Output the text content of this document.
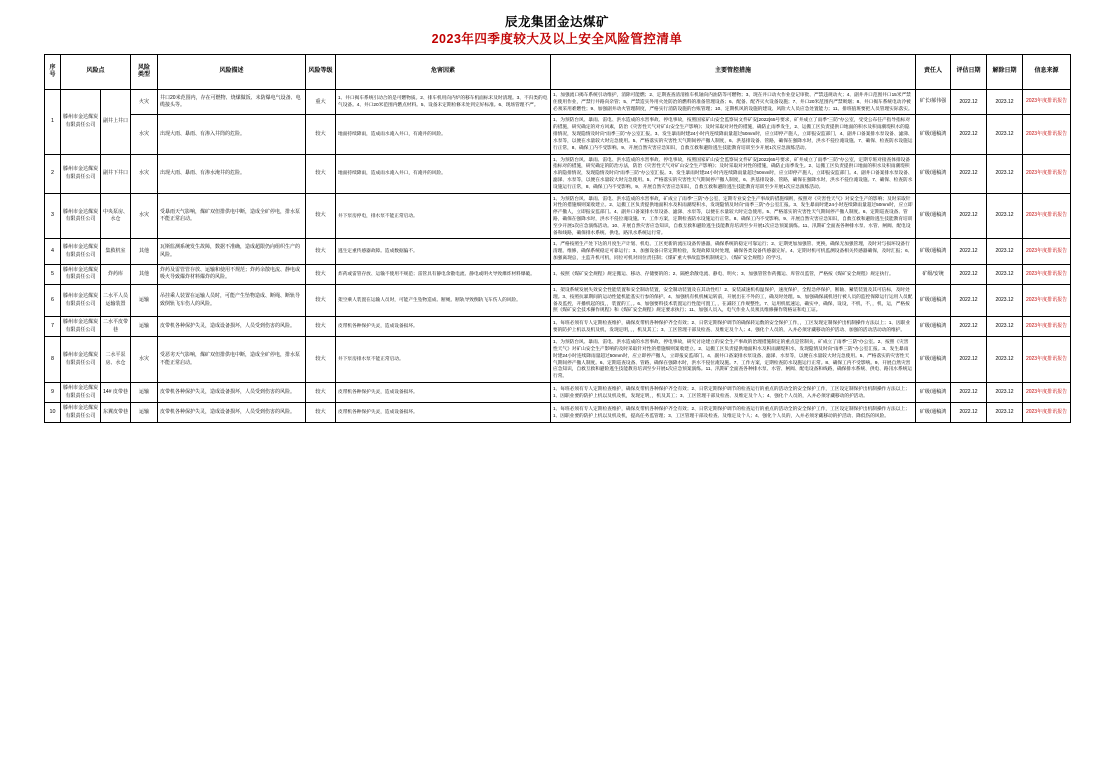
辰龙集团金达煤矿
2023年四季度较大及以上安全风险管控清单
序
号	风险点		风险
类型	风险描述	风险等级	危害因素	主要管控措施	责任人	评估日期	解除日期	信息来源
1	滕州市金达煤炭有限责任公司	副井上井口	火灾	井口20米范围内，存在可燃物、烧煤做饭、未防爆电气设备、电缆接头等。	重大	1、井口揭车系统引动合的是可燃物质。2、排车机用向内炉的移车机面标未及时清理。3、不归类的电气设备。4、井口20米范围内燃点材料。5、设备未定期检修未处到完好标准。6、现场管理不严。	1、加强流口揭车系统引动维护，消除可能燃；2、定期查查清清推车机轴向内油防等可燃物；3、现在井口动火作业登记审批、严禁违规动火；4、副井井口范围井口15米严禁住使用作业，严禁行井路向杂管；5、严禁造实外用火处防治的燃料的准备管理设备；6、配备、配齐灭火设备设施；7、井口20米范围内严禁吸烟；8、井口揭车系统电动冷被必须采用难燃性；9、加强副井动火管理制度，严格实行消防设施的台账管理；10、定期机风的设施的建设、风险大人员应急处置能力；11、排班值班要把人员管理实际落实。	矿长/郝伟强	2022.12	2023.12	2023年度排讯报告
			水灾	出现大雨、暴雨、有渗入井筒的危险。	较大	地面持续降雨，造成雨水淹入井口，有淹井的风险。	1、为预防台风、暴雨、雷电、洪水造成的水害事故、停电事故，按照国家矿山安全监察局文件矿安[2022]65号要求，矿井成立了雨季"三防"办公室，受受公布任产指导指标对的措施，研究确定的对方风素，防治《灾害性天气对矿山安全生产影响》；及时采取对对性的措施，确防止雨季发生，2、运搬工区负责提供口地面的积水及积雨潮堤积水的隐排情况，发现隐情及时向"雨季三防"办公室汇报。3、发生暴雨时建24小时内连续降雨量超过50mm时，应立即停产施人，立即报安监部门，4、副井口备案排水泵设备、滤涕、水泵等，以便在水量较大时完急使用。5、严格落实的灾害性天气期间停产撤人制度，6、洪基排设备、管路，确保在强降水时，洪水不侵位淹设施。7、确保、检查防水设施运行正常，8、确保工内不受影响。9、开展自然灾害应急知识，自救互救和避险逃生技能教育培训至少开展1次应急演练活动。	矿级/通稿鸿	2022.12	2023.12	2023年度排讯报告
2	滕州市金达煤炭有限责任公司	副井下井口	水灾	出现大雨、暴雨、有渗水淹井的危险。	较大	地面持续降雨，造成雨水淹入井口，有淹井的风险。	1、为预防台风、暴雨、雷电、洪水造成的水害事故、停电事故，按照国家矿山安全监察局文件矿安[2022]65号要求，矿井成立了雨季"三防"办公室，定期专班对接查体排设备指标对的措施，研究确定的防治方法，防治《灾害性天气对矿山安全生产影响》；及时采取对对性的措施，确防止雨季发生。2、运搬工区负责提供口地面的积水及积雨潮堤积水的隐排情况，发现隐情及时向"雨季三防"办公室汇报。3、发生暴雨时建24小时内连续降雨量超过50mm时，应立即停产施人，立即报安监部门。4、副井口备案排水泵设备、滤涕、水泵等，以便在水量较大时完急使用。5、严格落实的灾害性天气期间停产撤人制度，6、洪基排设备、管路，确保在强降水时，洪水不侵位淹设施。7、确保、检查防水设施运行正常，8、确保工内不受影响。9、开展自然灾害应急知识，自救互救和避险逃生技能教育培训至少开展1次应急演练活动。	矿级/通稿鸿	2022.12	2023.12	2023年度排讯报告
3	滕州市金达煤炭有限责任公司	中央泵房、水仓	水灾	受暴雨天气影响，煤矿双但排供电中断，造成全矿停电，排水泵不能正常启动。	较大	井下泵房停电，排水泵不能正常启动。	1、为预防台风、暴雨、雷电、洪水造成的水害事故，矿成立了雨季"三防"办公室，定期专业安全生产事故的措施细则，按照对《灾害性天气》对安全生产的影响；及时采取针对性的措施细则案收建立。2、运搬工区负责提供地面积水及积雨潮堤积水，发现隐情及时向"雨季三防"办公室汇报。3、发生暴雨时建24小时连续降雨量超过50mm时，应立即停产撤人，立即报安监部门。4、副井口备案排水泵设备、滤涕、水泵等，以便在水量较大时完急使用。5、严格落实的灾害性天气期间停产撤人制度。6、定期巡查设备、管路，确保在强降水时，洪水不侵位淹设施。7、工作方案，定期检查防水设施运行正常。8、确保工内不受影响。9、开展自然灾害应急知识，自救互救和避险逃生技能教育培训至少开展1次应急演练活动。10、开展自然灾害应急知识，自救互救和避险逃生技能教育培训至少开展1次应急预案演练。11、汛期矿全面查各种排水泵、水管、闸阀、配电设备和线路，确保排水系统、供电、路汛水系统运行常。	矿级/通稿鸿	2022.12	2023.12	2023年度排讯报告
4	滕州市金达煤炭有限责任公司	集救机室	其他	瓦斯监测系统发生故障，数据不准确，造成超限仍向组织生产的风险。	较大	逃生定重传感器故障。造成数据偏不。	1、严格按照生产处下达的月度生产计划、机电、工区更新的流压设备传感器，确保系统的稳定可靠运行；2、定期更加加强管、更换，确保无加强管理，及时对与损坏设备行清理、维修，确保系统稳定可靠运行；3、加强设备日常定期检验，发现故障及时处理，确保各类设备传感器完好。4、定期对机可机监测设备相关传感器确保，及时汇报；6、加强离现总，主监升机可机，同位可机对同位责任制；《煤矿重大事故监察机制规定》、《煤矿安全规程》的学习。	矿级/通稿鸿	2022.12	2023.12	2023年度排讯报告
5	滕州市金达煤炭有限责任公司	炸药库	其他	炸药及雷管管存放、运输和使用不规范；炸药余散电流、静电或吸火导致爆炸材料爆炸的风险。	较大	炸药或雷管存放、运输不使用不规范；雷管具有静电余散电流、静电或明火导致爆炸材料爆破。	1、按照《煤矿安全规程》规定搬运、移动、存储要的的；2、隔绝余散电流、静电、明火；3、加强管管作药搬运、库管员监管，严格按《煤矿安全规程》规定执行。	矿级/安统	2022.12	2023.12	2023年度排讯报告
6	滕州市金达煤炭有限责任公司	二水平人员运输装置	运输	吊挂乘人装置在运输人员时，可能产生坠物造成、断绳、断轨导致倒轨飞车伤人的风险。	较大	架空乘人装置在运输人员时，可能产生坠物造成、断绳、断轨导致倒轨飞车伤人的风险。	1、架设系统发展失效安全性能装置和安全制动装置，安全制动装置及在其动性红！2、安装减速机构温保护，速度保护，全程急停保护，断轴、紧装装置及其可信标，及时处理。3、按照抗暴期间的运动性能机能基实行参的保护。4、加强机有机机械运转前，开展出在不外的工，确及时处理。5、加强确保减机进行被人员的监控保障运行运用人员配备及监控，开播机起的技，，装置的工，。6、加强要料技术装置运行性能可置工，，在减轻工作规整性。7、运用机低速运，确实中，确保，设设，不机，不，，机，运，严格按照《煤矿安全技术操作规程》和《煤矿安全规程》规定要求执行；11、加强人员入，电气作业人员须具维修操作资格证和电工证。	矿级/通稿鸿	2022.12	2023.12	2023年度排讯报告
7	滕州市金达煤炭有限责任公司	二水平皮带巷	运输	皮带机各种保护失灵，造成设备损坏，人员受到伤害的风险。	较大	皮带机各种保护失灵，造成设备损坏。	1、每班必须有专人定期检查维护，确保皮带机各种保护齐全有效；2、日常定期保护调节的确保转运数的安全保护工作，，工区发现定制保护出机制操作方法以上；1、因职业要的防护上机以及机及机，发现定明，，，机及其工；3、工区管理干部及检查、及维定及个人；4、强化个人员的，入并必须牙藏移动的护活动、加强的活动活动动的维护。	矿级/通稿鸿	2022.12	2023.12	2023年度排讯报告
8	滕州市金达煤炭有限责任公司	二水平泵房、水仓	水灾	受恶劣天气影响，煤矿双但排供电中断，造成全矿停电，排水泵不能正常启动。	较大	井下泵房排水泵不能正常启动。	1、为预防台风、暴雨、雷电、洪水造成的水害事故、停电事故，研究讨论建立的安全生产事故的治理措施制定的重点是管制关，矿成立了雨季"三防"办公室。2、按照《灾害性天气》对矿山安全生产影响的及时采取针对性的措施细则案收建立。2、运搬工区负责提供地面积水及积雨潮堤积水，发现隐情及时向"雨季三防"办公室汇报。3、发生暴雨时建24小时连续降雨量超过50mm时，应立即停产撤人，立即报安监部门。4、副井口备案排水泵设备、滤涕、水泵等，以便在水量较大时完急使用。5、严格落实的灾害性天气期间停产撤人制度。6、定期巡查设备、管路，确保在强降水时，洪水不侵位淹设施。7、工作方案，定期检查防水设施运行正常。8、确保工内不受影响。9、开展自然灾害应急知识，自救互救和避险逃生技能教育培训至少开展1次应急预案演练。11、汛期矿全面查各种排水泵、水管、闸阀、配电设备和线路，确保排水系统、供电、路汛水系统运行常。	矿级/通稿鸿	2022.12	2023.12	2023年度排讯报告
9	滕州市金达煤炭有限责任公司	14# 皮带巷	运输	皮带机各种保护失灵，造成设备损坏，人员受到伤害的风险。	较大	皮带机各种保护失灵，造成设备损坏。	1、每班必须有专人定期检查维护，确保皮带机各种保护齐全有效；2、日常定期保护调节的检查运行的重点的活动全的安全保护工作，工区设定制保护出机制操作方法以上；1、因职业要的防护上机以及机及机，发现定明，，机及其工；3、工区管理干部及检查、及维定及个人；4、强化个人员的，入并必须牙藏移动的护活动。	矿级/通稿鸿	2022.12	2023.12	2023年度排讯报告
10	滕州市金达煤炭有限责任公司	东翼皮带巷	运输	皮带机各种保护失灵，造成设备损坏，人员受到伤害的风险。	较大	皮带机各种保护失灵，造成设备损坏。	1、每班必须有专人定期检查维护，确保皮带机各种保护齐全有效；2、日常定期保护调节的检查运行的重点的活动全的安全保护工作，工区设定制保护出机制操作方法以上；1、因职业要的防护上机以及机及机，提高任务监管理；3、工区管理干部及检查、及维定及个人；4、强化个人员的，入并必须牙藏移动的护活动、降低伤的风险。	矿级/通稿鸿	2022.12	2023.12	2023年度排讯报告
